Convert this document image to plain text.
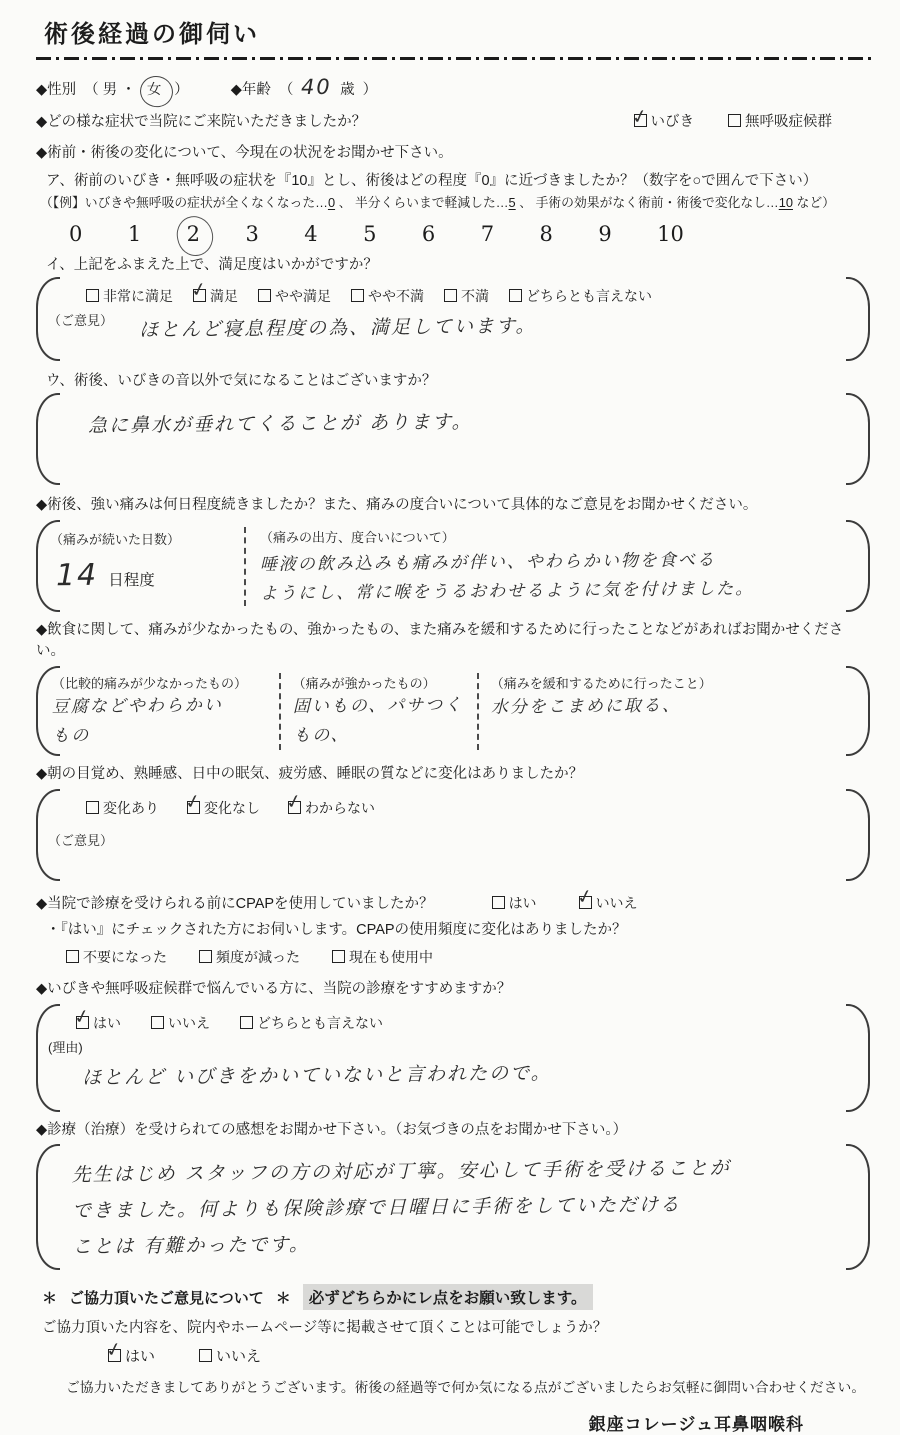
術後経過の御伺い
◆性別 （ 男 ・ 女 ）	◆年齢 （ 40 歳 ）
◆どの様な症状で当院にご来院いただきましたか？ ✓	いびき	無呼吸症候群
◆術前・術後の変化について、今現在の状況をお聞かせ下さい。
ア、術前のいびき・無呼吸の症状を『10』とし、術後はどの程度『0』に近づきましたか？（数字を○で囲んで下さい）
（【例】いびきや無呼吸の症状が全くなくなった…0 、 半分くらいまで軽減した…5 、 手術の効果がなく術前・術後で変化なし…10 など）
0 1 2 3 4 5 6 7 8 9 10
イ、上記をふまえた上で、満足度はいかがですか？
非常に満足 ✓	満足	やや満足	やや不満	不満	どちらとも言えない
（ご意見） ほとんど寝息程度の為、満足しています。
ウ、術後、いびきの音以外で気になることはございますか？
急に鼻水が垂れてくることが あります。
◆術後、強い痛みは何日程度続きましたか？また、痛みの度合いについて具体的なご意見をお聞かせください。
（痛みが続いた日数）
14 日程度
（痛みの出方、度合いについて）
唾液の飲み込みも痛みが伴い、やわらかい物を食べる
ようにし、常に喉をうるおわせるように気を付けました。
◆飲食に関して、痛みが少なかったもの、強かったもの、また痛みを緩和するために行ったことなどがあればお聞かせください。
（比較的痛みが少なかったもの）
豆腐などやわらかい
もの
（痛みが強かったもの）
固いもの、パサつくもの、
（痛みを緩和するために行ったこと）
水分をこまめに取る、
◆朝の目覚め、熟睡感、日中の眠気、疲労感、睡眠の質などに変化はありましたか？
変化あり ✓	変化なし ✓	わからない
（ご意見）
◆当院で診療を受けられる前にCPAPを使用していましたか？	はい ✓	いいえ
・『はい』にチェックされた方にお伺いします。CPAPの使用頻度に変化はありましたか？
不要になった	頻度が減った	現在も使用中
◆いびきや無呼吸症候群で悩んでいる方に、当院の診療をすすめますか？
✓
はい	いいえ	どちらとも言えない
(理由)
ほとんど いびきをかいていないと言われたので。
◆診療（治療）を受けられての感想をお聞かせ下さい。（お気づきの点をお聞かせ下さい。）
先生はじめ スタッフの方の対応が丁寧。安心して手術を受けることが
できました。何よりも保険診療で日曜日に手術をしていただける
ことは 有難かったです。
＊ ご協力頂いたご意見について ＊	必ずどちらかにレ点をお願い致します。
ご協力頂いた内容を、院内やホームページ等に掲載させて頂くことは可能でしょうか？
✓
はい	いいえ
ご協力いただきましてありがとうございます。術後の経過等で何か気になる点がございましたらお気軽に御問い合わせください。
銀座コレージュ耳鼻咽喉科
